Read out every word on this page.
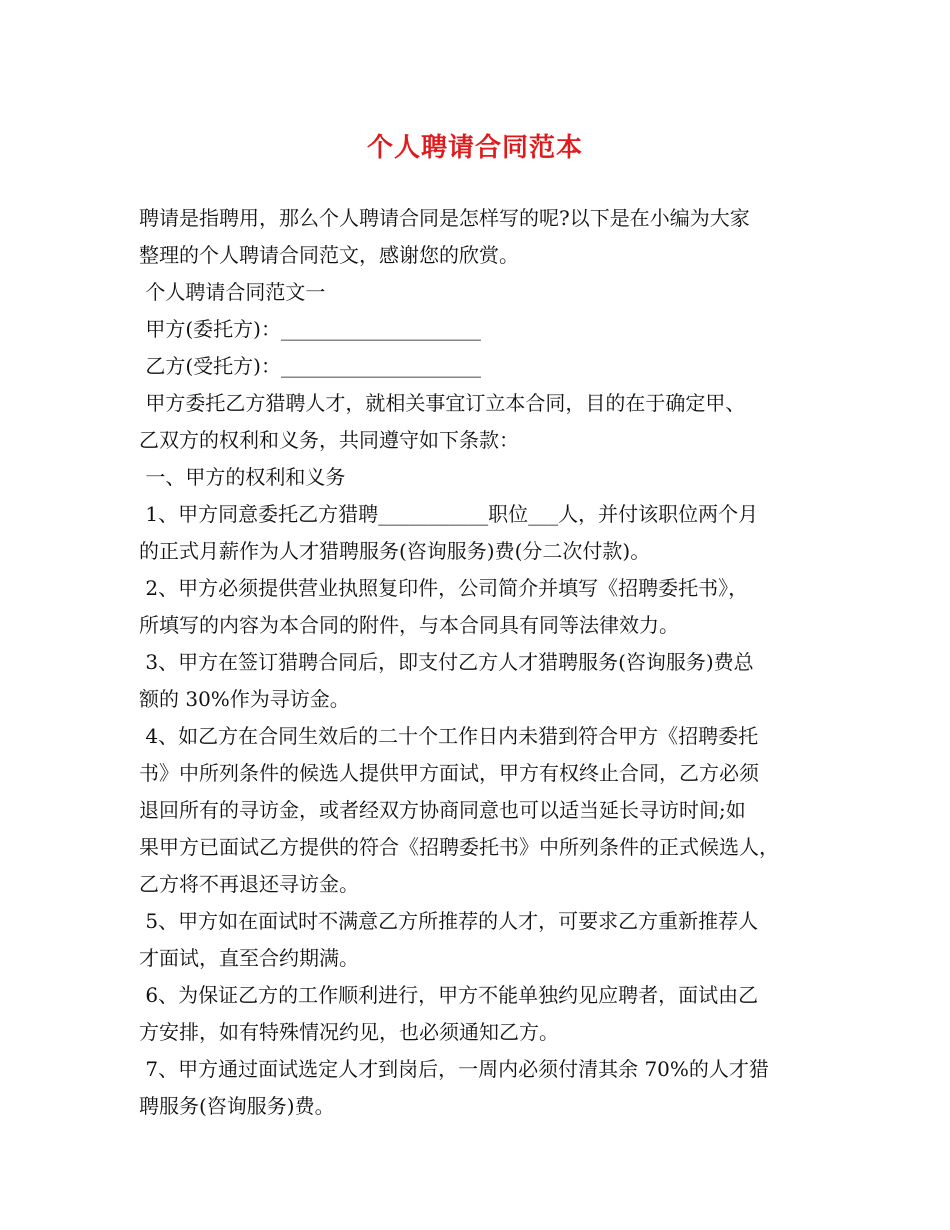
个人聘请合同范本
聘请是指聘用，那么个人聘请合同是怎样写的呢?以下是在小编为大家
整理的个人聘请合同范文，感谢您的欣赏。
个人聘请合同范文一
甲方(委托方)：____________________
乙方(受托方)：____________________
甲方委托乙方猎聘人才，就相关事宜订立本合同，目的在于确定甲、
乙双方的权利和义务，共同遵守如下条款：
一、甲方的权利和义务
1、甲方同意委托乙方猎聘___________职位___人，并付该职位两个月
的正式月薪作为人才猎聘服务(咨询服务)费(分二次付款)。
2、甲方必须提供营业执照复印件，公司简介并填写《招聘委托书》，
所填写的内容为本合同的附件，与本合同具有同等法律效力。
3、甲方在签订猎聘合同后，即支付乙方人才猎聘服务(咨询服务)费总
额的 30%作为寻访金。
4、如乙方在合同生效后的二十个工作日内未猎到符合甲方《招聘委托
书》中所列条件的候选人提供甲方面试，甲方有权终止合同，乙方必须
退回所有的寻访金，或者经双方协商同意也可以适当延长寻访时间;如
果甲方已面试乙方提供的符合《招聘委托书》中所列条件的正式候选人，
乙方将不再退还寻访金。
5、甲方如在面试时不满意乙方所推荐的人才，可要求乙方重新推荐人
才面试，直至合约期满。
6、为保证乙方的工作顺利进行，甲方不能单独约见应聘者，面试由乙
方安排，如有特殊情况约见，也必须通知乙方。
7、甲方通过面试选定人才到岗后，一周内必须付清其余 70%的人才猎
聘服务(咨询服务)费。
